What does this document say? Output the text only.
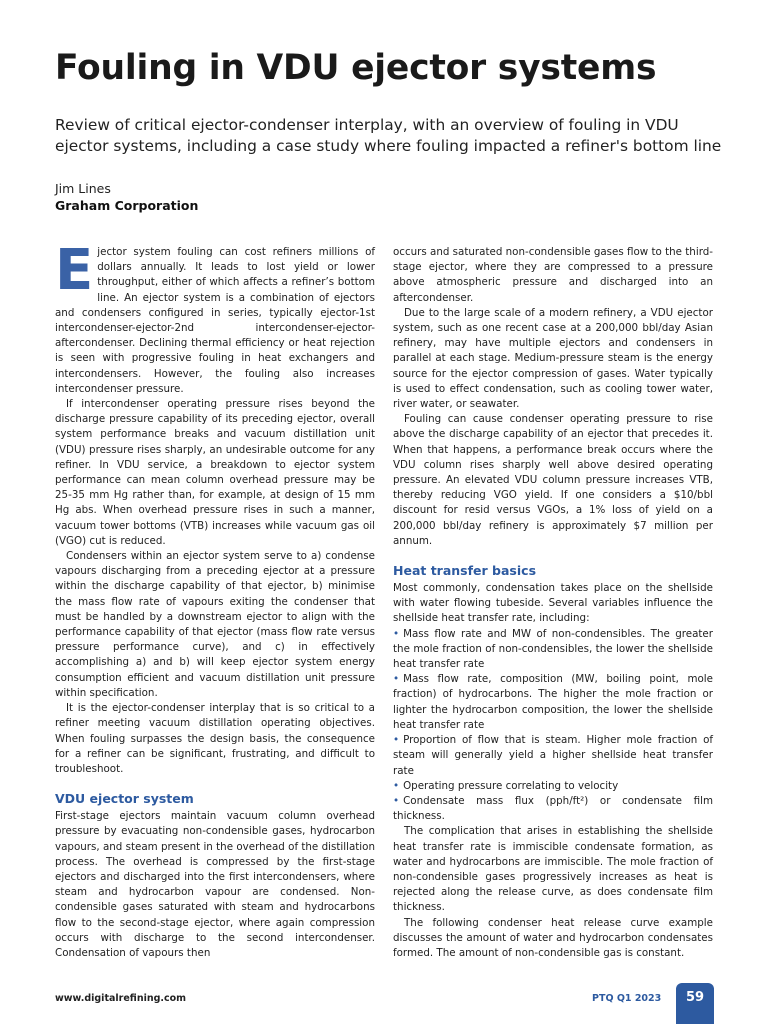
Fouling in VDU ejector systems

Review of critical ejector-condenser interplay, with an overview of fouling in VDU ejector systems, including a case study where fouling impacted a refiner's bottom line

Jim Lines
Graham Corporation

Ejector system fouling can cost refiners millions of dollars annually. It leads to lost yield or lower throughput, either of which affects a refiner’s bottom line. An ejector system is a combination of ejectors and condensers configured in series, typically ejector-1st intercondenser-ejector-2nd intercondenser-ejector-aftercondenser. Declining thermal efficiency or heat rejection is seen with progressive fouling in heat exchangers and intercondensers. However, the fouling also increases intercondenser pressure.

If intercondenser operating pressure rises beyond the discharge pressure capability of its preceding ejector, overall system performance breaks and vacuum distillation unit (VDU) pressure rises sharply, an undesirable outcome for any refiner. In VDU service, a breakdown to ejector system performance can mean column overhead pressure may be 25-35 mm Hg rather than, for example, at design of 15 mm Hg abs. When overhead pressure rises in such a manner, vacuum tower bottoms (VTB) increases while vacuum gas oil (VGO) cut is reduced.

Condensers within an ejector system serve to a) condense vapours discharging from a preceding ejector at a pressure within the discharge capability of that ejector, b) minimise the mass flow rate of vapours exiting the condenser that must be handled by a downstream ejector to align with the performance capability of that ejector (mass flow rate versus pressure performance curve), and c) in effectively accomplishing a) and b) will keep ejector system energy consumption efficient and vacuum distillation unit pressure within specification.

It is the ejector-condenser interplay that is so critical to a refiner meeting vacuum distillation operating objectives. When fouling surpasses the design basis, the consequence for a refiner can be significant, frustrating, and difficult to troubleshoot.

VDU ejector system

First-stage ejectors maintain vacuum column overhead pressure by evacuating non-condensible gases, hydrocarbon vapours, and steam present in the overhead of the distillation process. The overhead is compressed by the first-stage ejectors and discharged into the first intercondensers, where steam and hydrocarbon vapour are condensed. Non-condensible gases saturated with steam and hydrocarbons flow to the second-stage ejector, where again compression occurs with discharge to the second intercondenser. Condensation of vapours then

occurs and saturated non-condensible gases flow to the third-stage ejector, where they are compressed to a pressure above atmospheric pressure and discharged into an aftercondenser.

Due to the large scale of a modern refinery, a VDU ejector system, such as one recent case at a 200,000 bbl/day Asian refinery, may have multiple ejectors and condensers in parallel at each stage. Medium-pressure steam is the energy source for the ejector compression of gases. Water typically is used to effect condensation, such as cooling tower water, river water, or seawater.

Fouling can cause condenser operating pressure to rise above the discharge capability of an ejector that precedes it. When that happens, a performance break occurs where the VDU column rises sharply well above desired operating pressure. An elevated VDU column pressure increases VTB, thereby reducing VGO yield. If one considers a $10/bbl discount for resid versus VGOs, a 1% loss of yield on a 200,000 bbl/day refinery is approximately $7 million per annum.

Heat transfer basics

Most commonly, condensation takes place on the shellside with water flowing tubeside. Several variables influence the shellside heat transfer rate, including:

• Mass flow rate and MW of non-condensibles. The greater the mole fraction of non-condensibles, the lower the shellside heat transfer rate
• Mass flow rate, composition (MW, boiling point, mole fraction) of hydrocarbons. The higher the mole fraction or lighter the hydrocarbon composition, the lower the shellside heat transfer rate
• Proportion of flow that is steam. Higher mole fraction of steam will generally yield a higher shellside heat transfer rate
• Operating pressure correlating to velocity
• Condensate mass flux (pph/ft²) or condensate film thickness.

The complication that arises in establishing the shellside heat transfer rate is immiscible condensate formation, as water and hydrocarbons are immiscible. The mole fraction of non-condensible gases progressively increases as heat is rejected along the release curve, as does condensate film thickness.

The following condenser heat release curve example discusses the amount of water and hydrocarbon condensates formed. The amount of non-condensible gas is constant.

www.digitalrefining.com	PTQ Q1 2023	59
